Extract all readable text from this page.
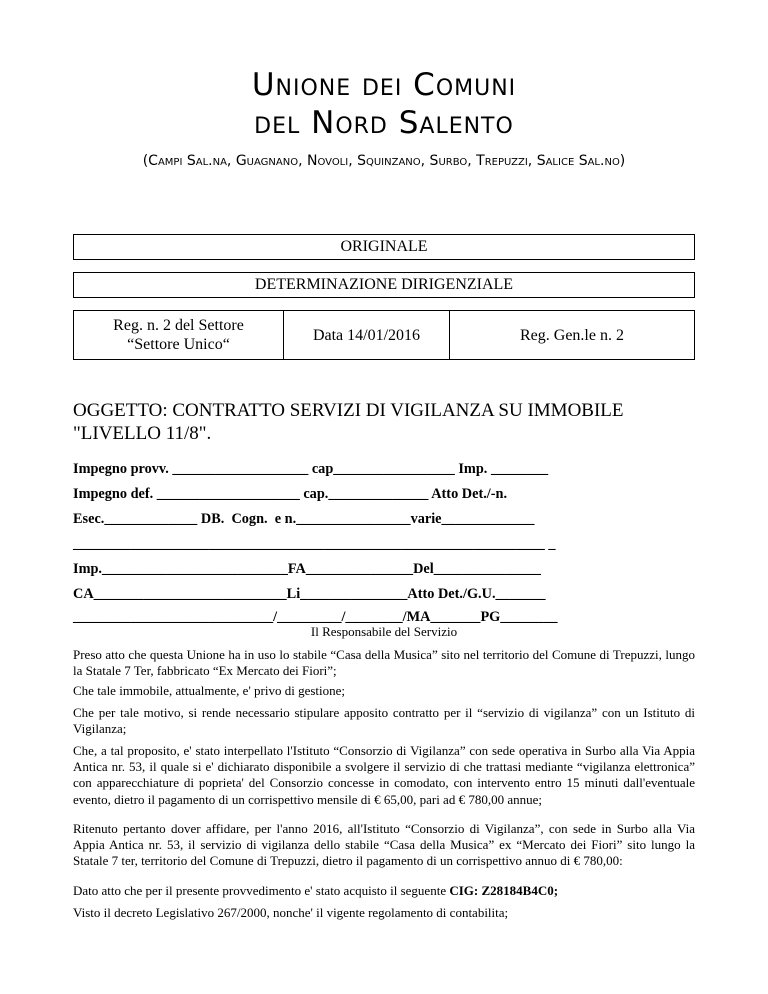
Unione dei Comuni
del Nord Salento
(Campi Sal.na, Guagnano, Novoli, Squinzano, Surbo, Trepuzzi, Salice Sal.no)
ORIGINALE
DETERMINAZIONE DIRIGENZIALE
Reg. n. 2 del Settore
“Settore Unico“
Data 14/01/2016	Reg. Gen.le n. 2
OGGETTO: CONTRATTO SERVIZI DI VIGILANZA SU IMMOBILE "LIVELLO 11/8".
Impegno provv. ___________________ cap_________________ Imp. ________
Impegno def. ____________________ cap.______________ Atto Det./-n.
Esec._____________ DB.  Cogn.  e n.________________varie_____________
__________________________________________________________________ _
Imp.__________________________FA_______________Del_______________
CA___________________________Li_______________Atto Det./G.U._______
____________________________/_________/________/MA_______PG________
Il Responsabile del Servizio

Preso atto che questa Unione ha in uso lo stabile “Casa della Musica” sito nel territorio del Comune di Trepuzzi, lungo la Statale 7 Ter, fabbricato “Ex Mercato dei Fiori”;

Che tale immobile, attualmente, e' privo di gestione;

Che per tale motivo, si rende necessario stipulare apposito contratto per il “servizio di vigilanza” con un Istituto di Vigilanza;

Che, a tal proposito, e' stato interpellato l'Istituto “Consorzio di Vigilanza” con sede operativa in Surbo alla Via Appia Antica nr. 53, il quale si e' dichiarato disponibile a svolgere il servizio di che trattasi mediante “vigilanza elettronica” con apparecchiature di poprieta' del Consorzio concesse in comodato, con intervento entro 15 minuti dall'eventuale evento, dietro il pagamento di un corrispettivo mensile di € 65,00, pari ad € 780,00 annue;

Ritenuto pertanto dover affidare, per l'anno 2016, all'Istituto “Consorzio di Vigilanza”, con sede in Surbo alla Via Appia Antica nr. 53, il servizio di vigilanza dello stabile “Casa della Musica” ex “Mercato dei Fiori” sito lungo la Statale 7 ter, territorio del Comune di Trepuzzi, dietro il pagamento di un corrispettivo annuo di € 780,00:

Dato atto che per il presente provvedimento e' stato acquisto il seguente CIG: Z28184B4C0;

Visto il decreto Legislativo 267/2000, nonche' il vigente regolamento di contabilita;
